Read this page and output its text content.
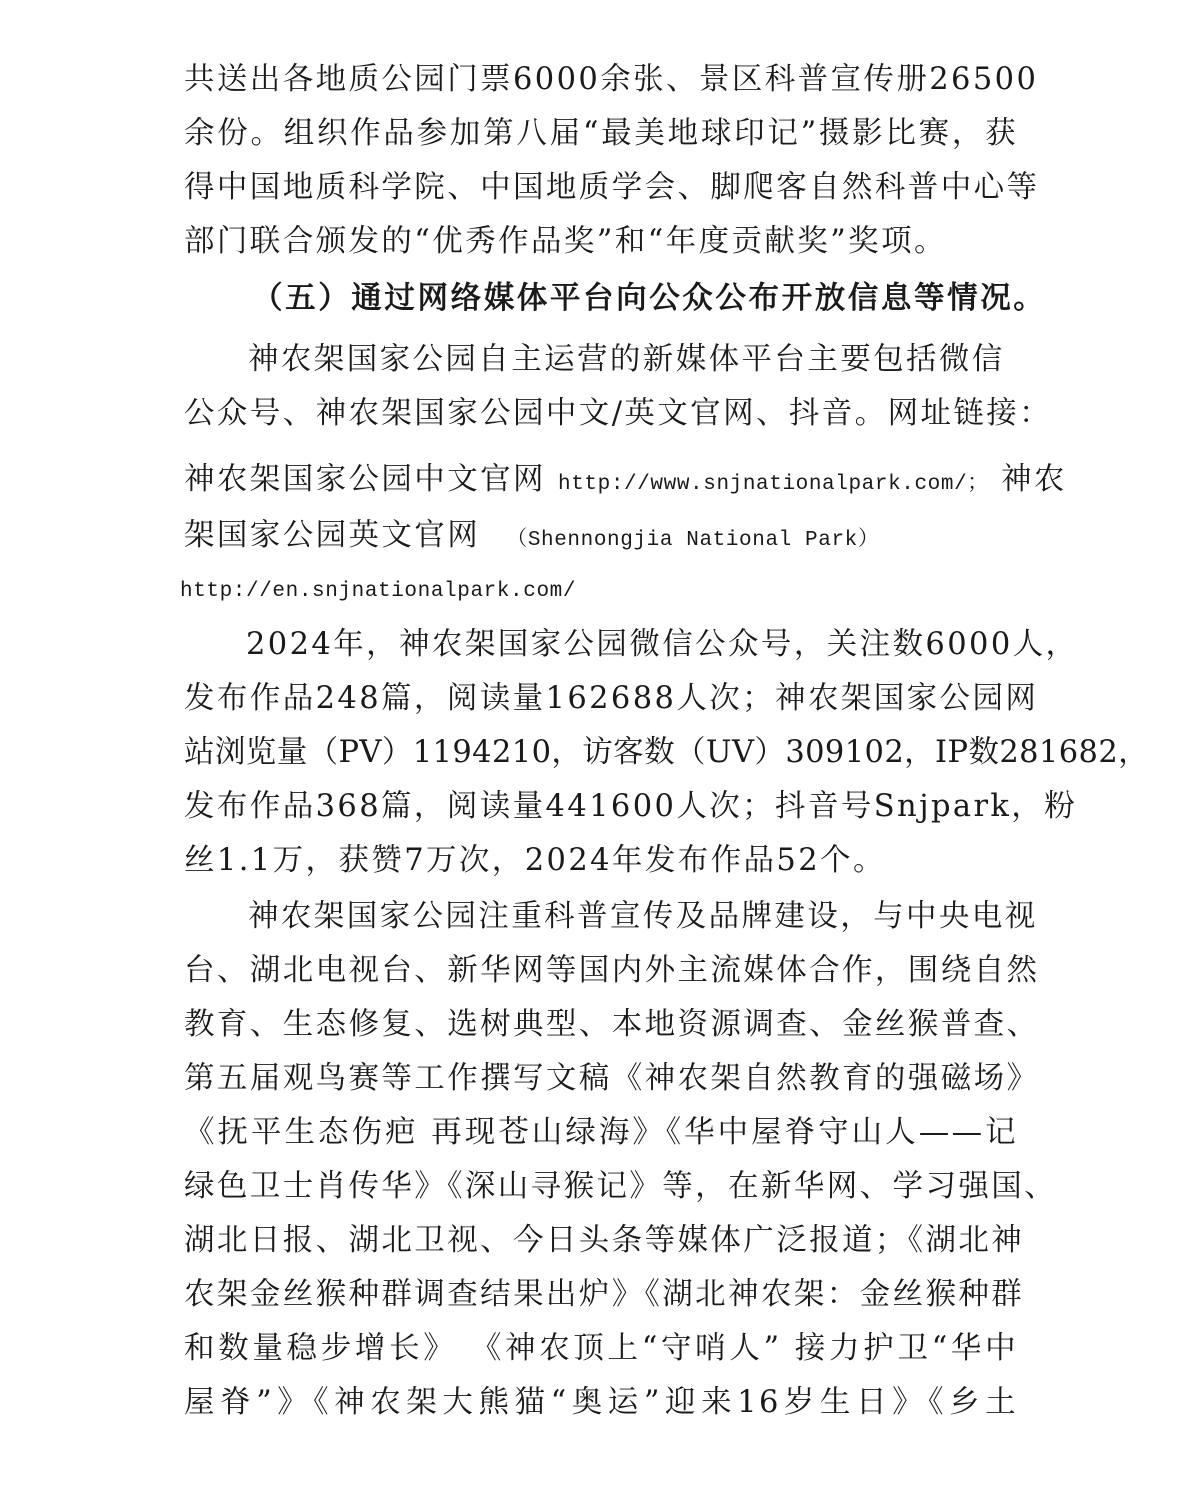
共送出各地质公园门票6000余张、景区科普宣传册26500
余份。组织作品参加第八届“最美地球印记”摄影比赛，获
得中国地质科学院、中国地质学会、脚爬客自然科普中心等
部门联合颁发的“优秀作品奖”和“年度贡献奖”奖项。
（五）通过网络媒体平台向公众公布开放信息等情况。
神农架国家公园自主运营的新媒体平台主要包括微信
公众号、神农架国家公园中文/英文官网、抖音。网址链接：
神农架国家公园中文官网 http://www.snjnationalpark.com/； 神农
架国家公园英文官网 （Shennongjia National Park）
http://en.snjnationalpark.com/
2024年，神农架国家公园微信公众号，关注数6000人，
发布作品248篇，阅读量162688人次；神农架国家公园网
站浏览量（PV）1194210，访客数（UV）309102，IP数281682，
发布作品368篇，阅读量441600人次；抖音号Snjpark，粉
丝1.1万，获赞7万次，2024年发布作品52个。
神农架国家公园注重科普宣传及品牌建设，与中央电视
台、湖北电视台、新华网等国内外主流媒体合作，围绕自然
教育、生态修复、选树典型、本地资源调查、金丝猴普查、
第五届观鸟赛等工作撰写文稿《神农架自然教育的强磁场》
《抚平生态伤疤 再现苍山绿海》《华中屋脊守山人——记
绿色卫士肖传华》《深山寻猴记》等，在新华网、学习强国、
湖北日报、湖北卫视、今日头条等媒体广泛报道；《湖北神
农架金丝猴种群调查结果出炉》《湖北神农架：金丝猴种群
和数量稳步增长》 《神农顶上“守哨人” 接力护卫“华中
屋脊”》《神农架大熊猫“奥运”迎来16岁生日》《乡土
